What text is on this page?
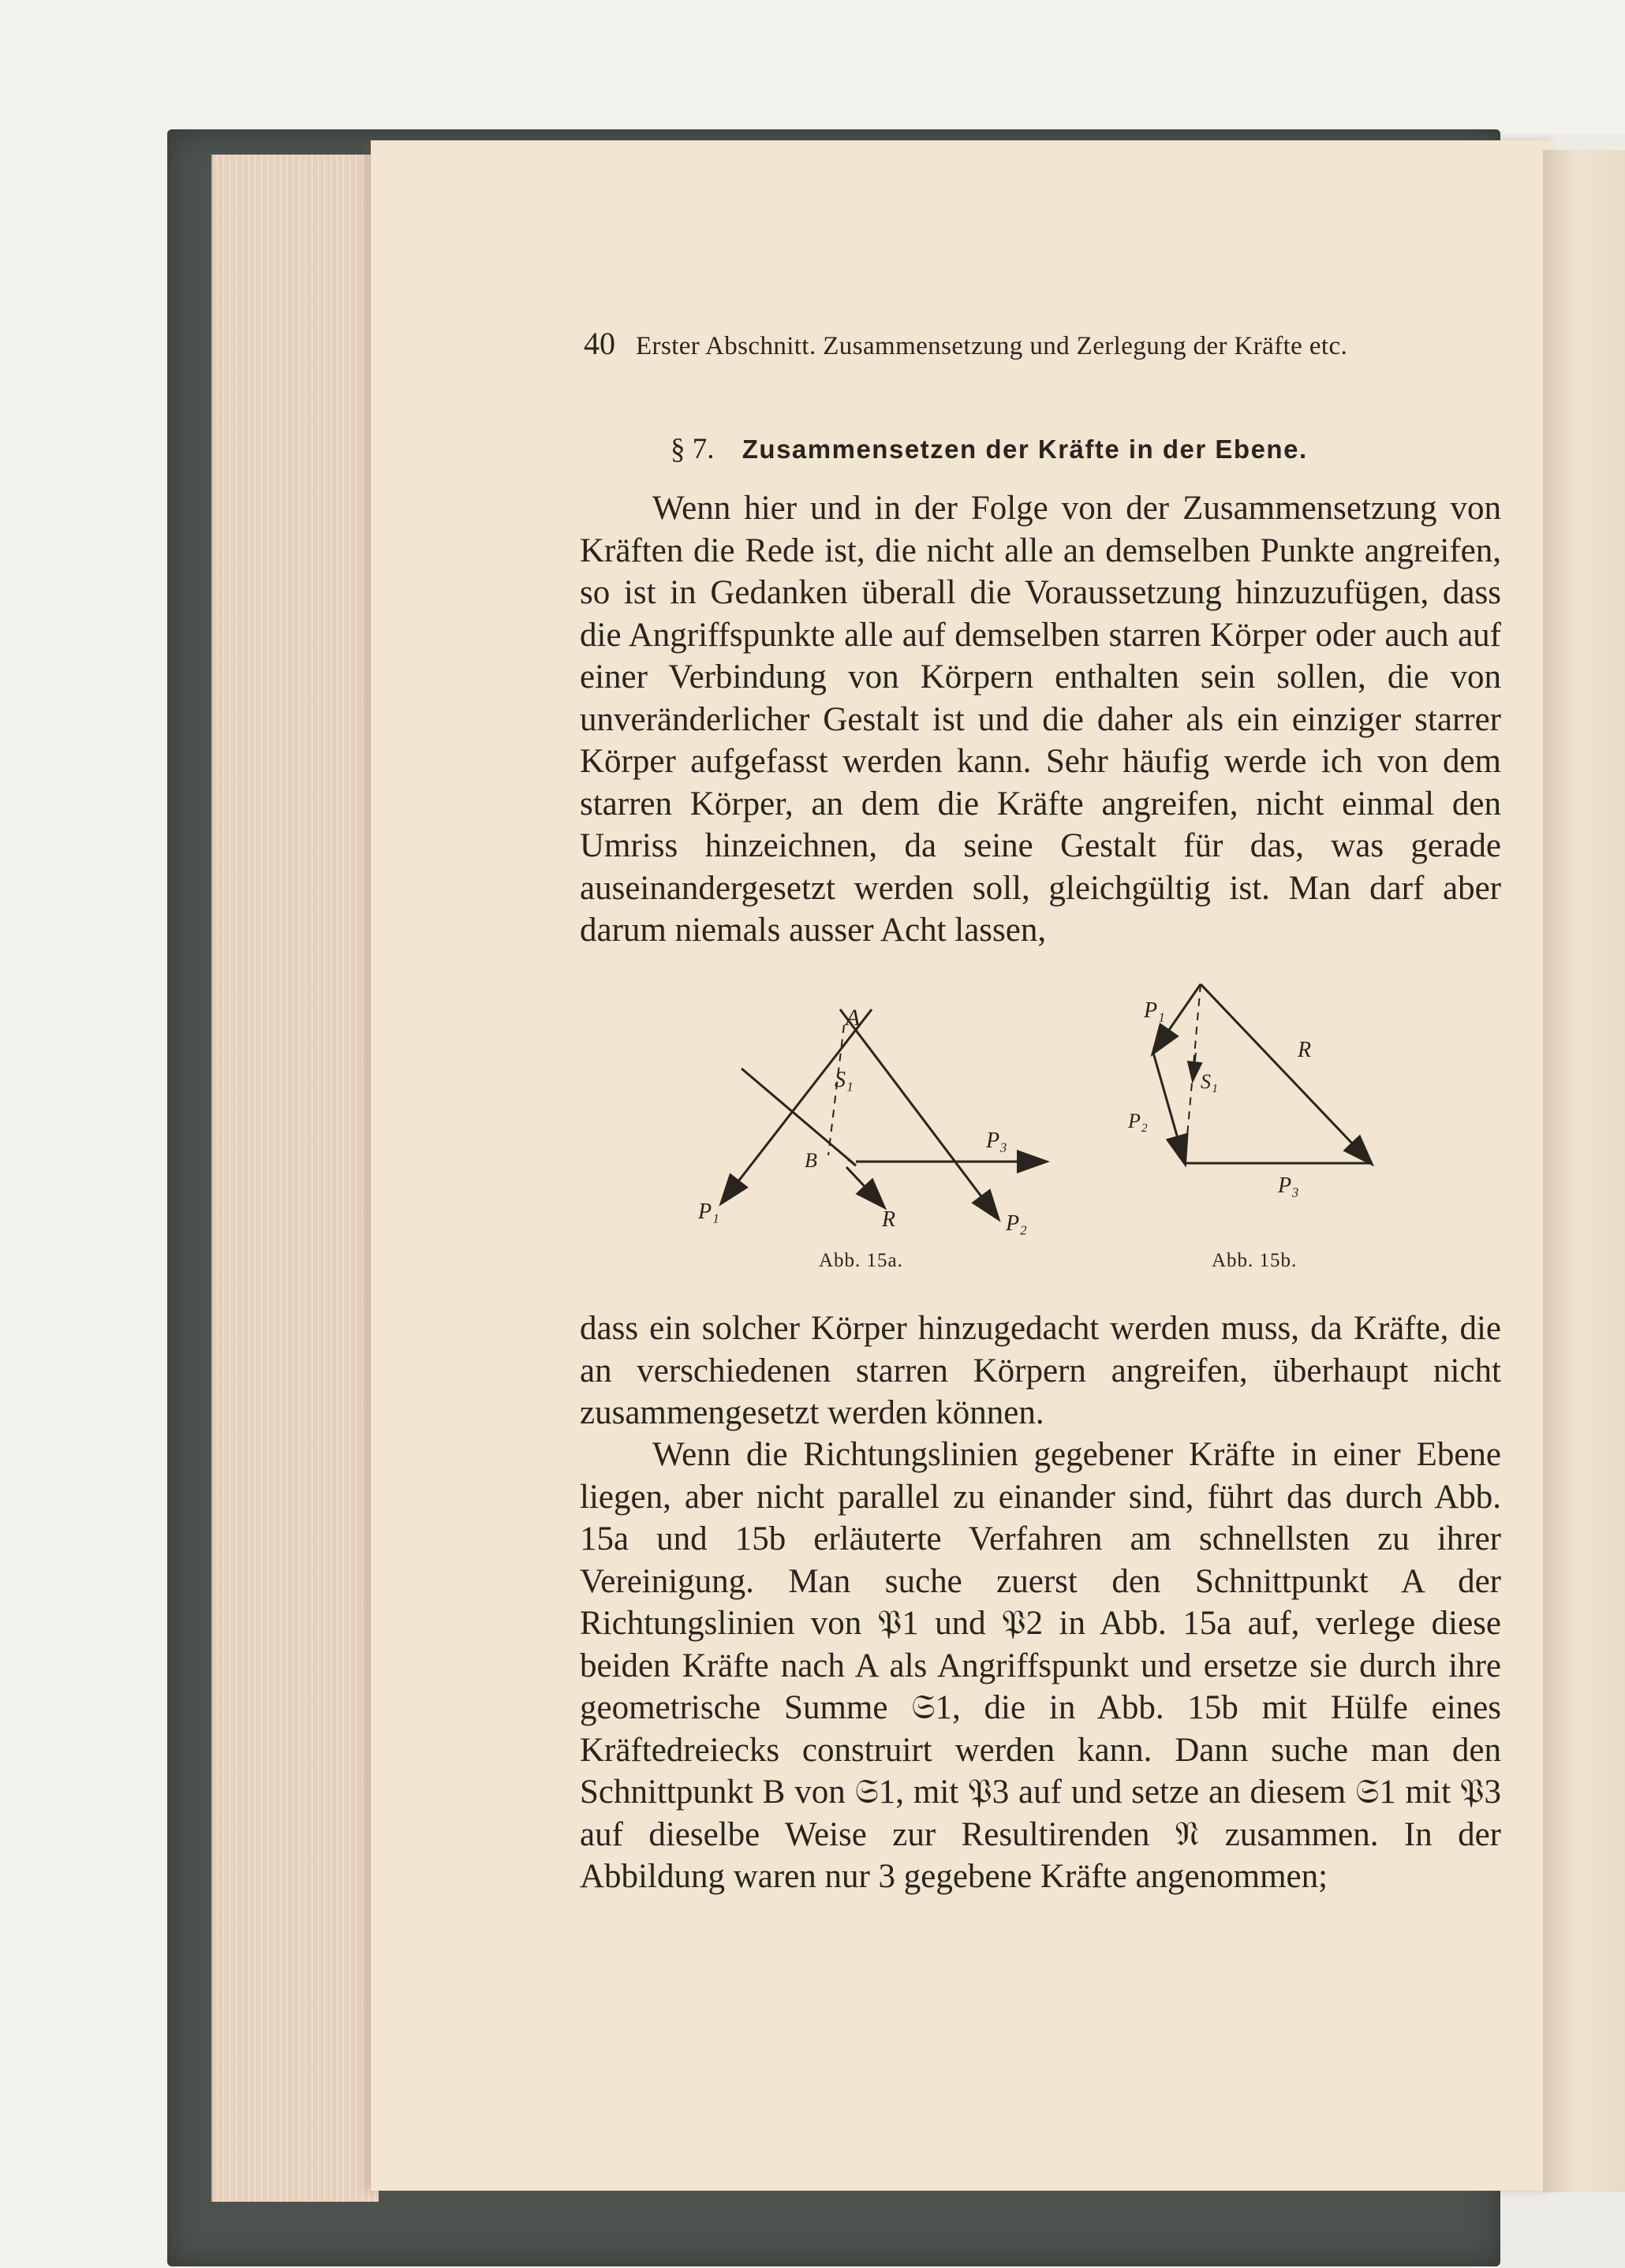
40 Erster Abschnitt. Zusammensetzung und Zerlegung der Kräfte etc.
§ 7. Zusammensetzen der Kräfte in der Ebene.

Wenn hier und in der Folge von der Zusammensetzung von Kräften die Rede ist, die nicht alle an demselben Punkte angreifen, so ist in Gedanken überall die Voraussetzung hinzuzufügen, dass die Angriffspunkte alle auf demselben starren Körper oder auch auf einer Verbindung von Körpern enthalten sein sollen, die von unveränderlicher Gestalt ist und die daher als ein einziger starrer Körper aufgefasst werden kann. Sehr häufig werde ich von dem starren Körper, an dem die Kräfte angreifen, nicht einmal den Umriss hinzeichnen, da seine Gestalt für das, was gerade auseinandergesetzt werden soll, gleichgültig ist. Man darf aber darum niemals ausser Acht lassen,

A
S₁
B
P₃
P₁	R	P₂
Abb. 15a.
P₁
R
S₁
P₂
P₃
Abb. 15b.

dass ein solcher Körper hinzugedacht werden muss, da Kräfte, die an verschiedenen starren Körpern angreifen, überhaupt nicht zusammengesetzt werden können.

Wenn die Richtungslinien gegebener Kräfte in einer Ebene liegen, aber nicht parallel zu einander sind, führt das durch Abb. 15a und 15b erläuterte Verfahren am schnellsten zu ihrer Vereinigung. Man suche zuerst den Schnittpunkt A der Richtungslinien von 𝔓1 und 𝔓2 in Abb. 15a auf, verlege diese beiden Kräfte nach A als Angriffspunkt und ersetze sie durch ihre geometrische Summe 𝔖1, die in Abb. 15b mit Hülfe eines Kräftedreiecks construirt werden kann. Dann suche man den Schnittpunkt B von 𝔖1, mit 𝔓3 auf und setze an diesem 𝔖1 mit 𝔓3 auf dieselbe Weise zur Resultirenden 𝔑 zusammen. In der Abbildung waren nur 3 gegebene Kräfte angenommen;
